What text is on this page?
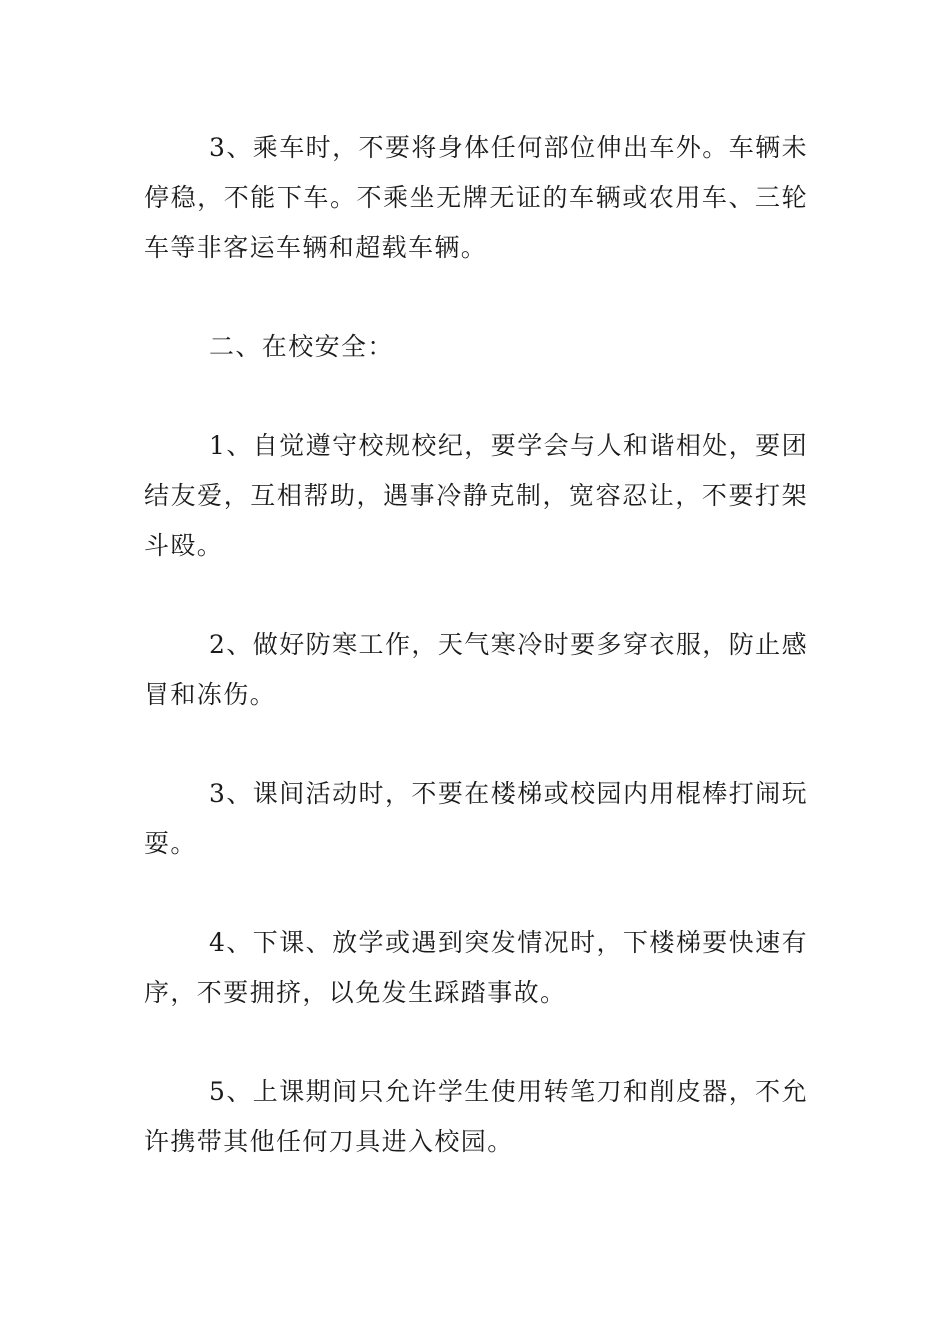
3、乘车时，不要将身体任何部位伸出车外。车辆未停稳，不能下车。不乘坐无牌无证的车辆或农用车、三轮车等非客运车辆和超载车辆。

二、在校安全：

1、自觉遵守校规校纪，要学会与人和谐相处，要团结友爱，互相帮助，遇事冷静克制，宽容忍让，不要打架斗殴。

2、做好防寒工作，天气寒冷时要多穿衣服，防止感冒和冻伤。

3、课间活动时，不要在楼梯或校园内用棍棒打闹玩耍。

4、下课、放学或遇到突发情况时，下楼梯要快速有序，不要拥挤，以免发生踩踏事故。

5、上课期间只允许学生使用转笔刀和削皮器，不允许携带其他任何刀具进入校园。
